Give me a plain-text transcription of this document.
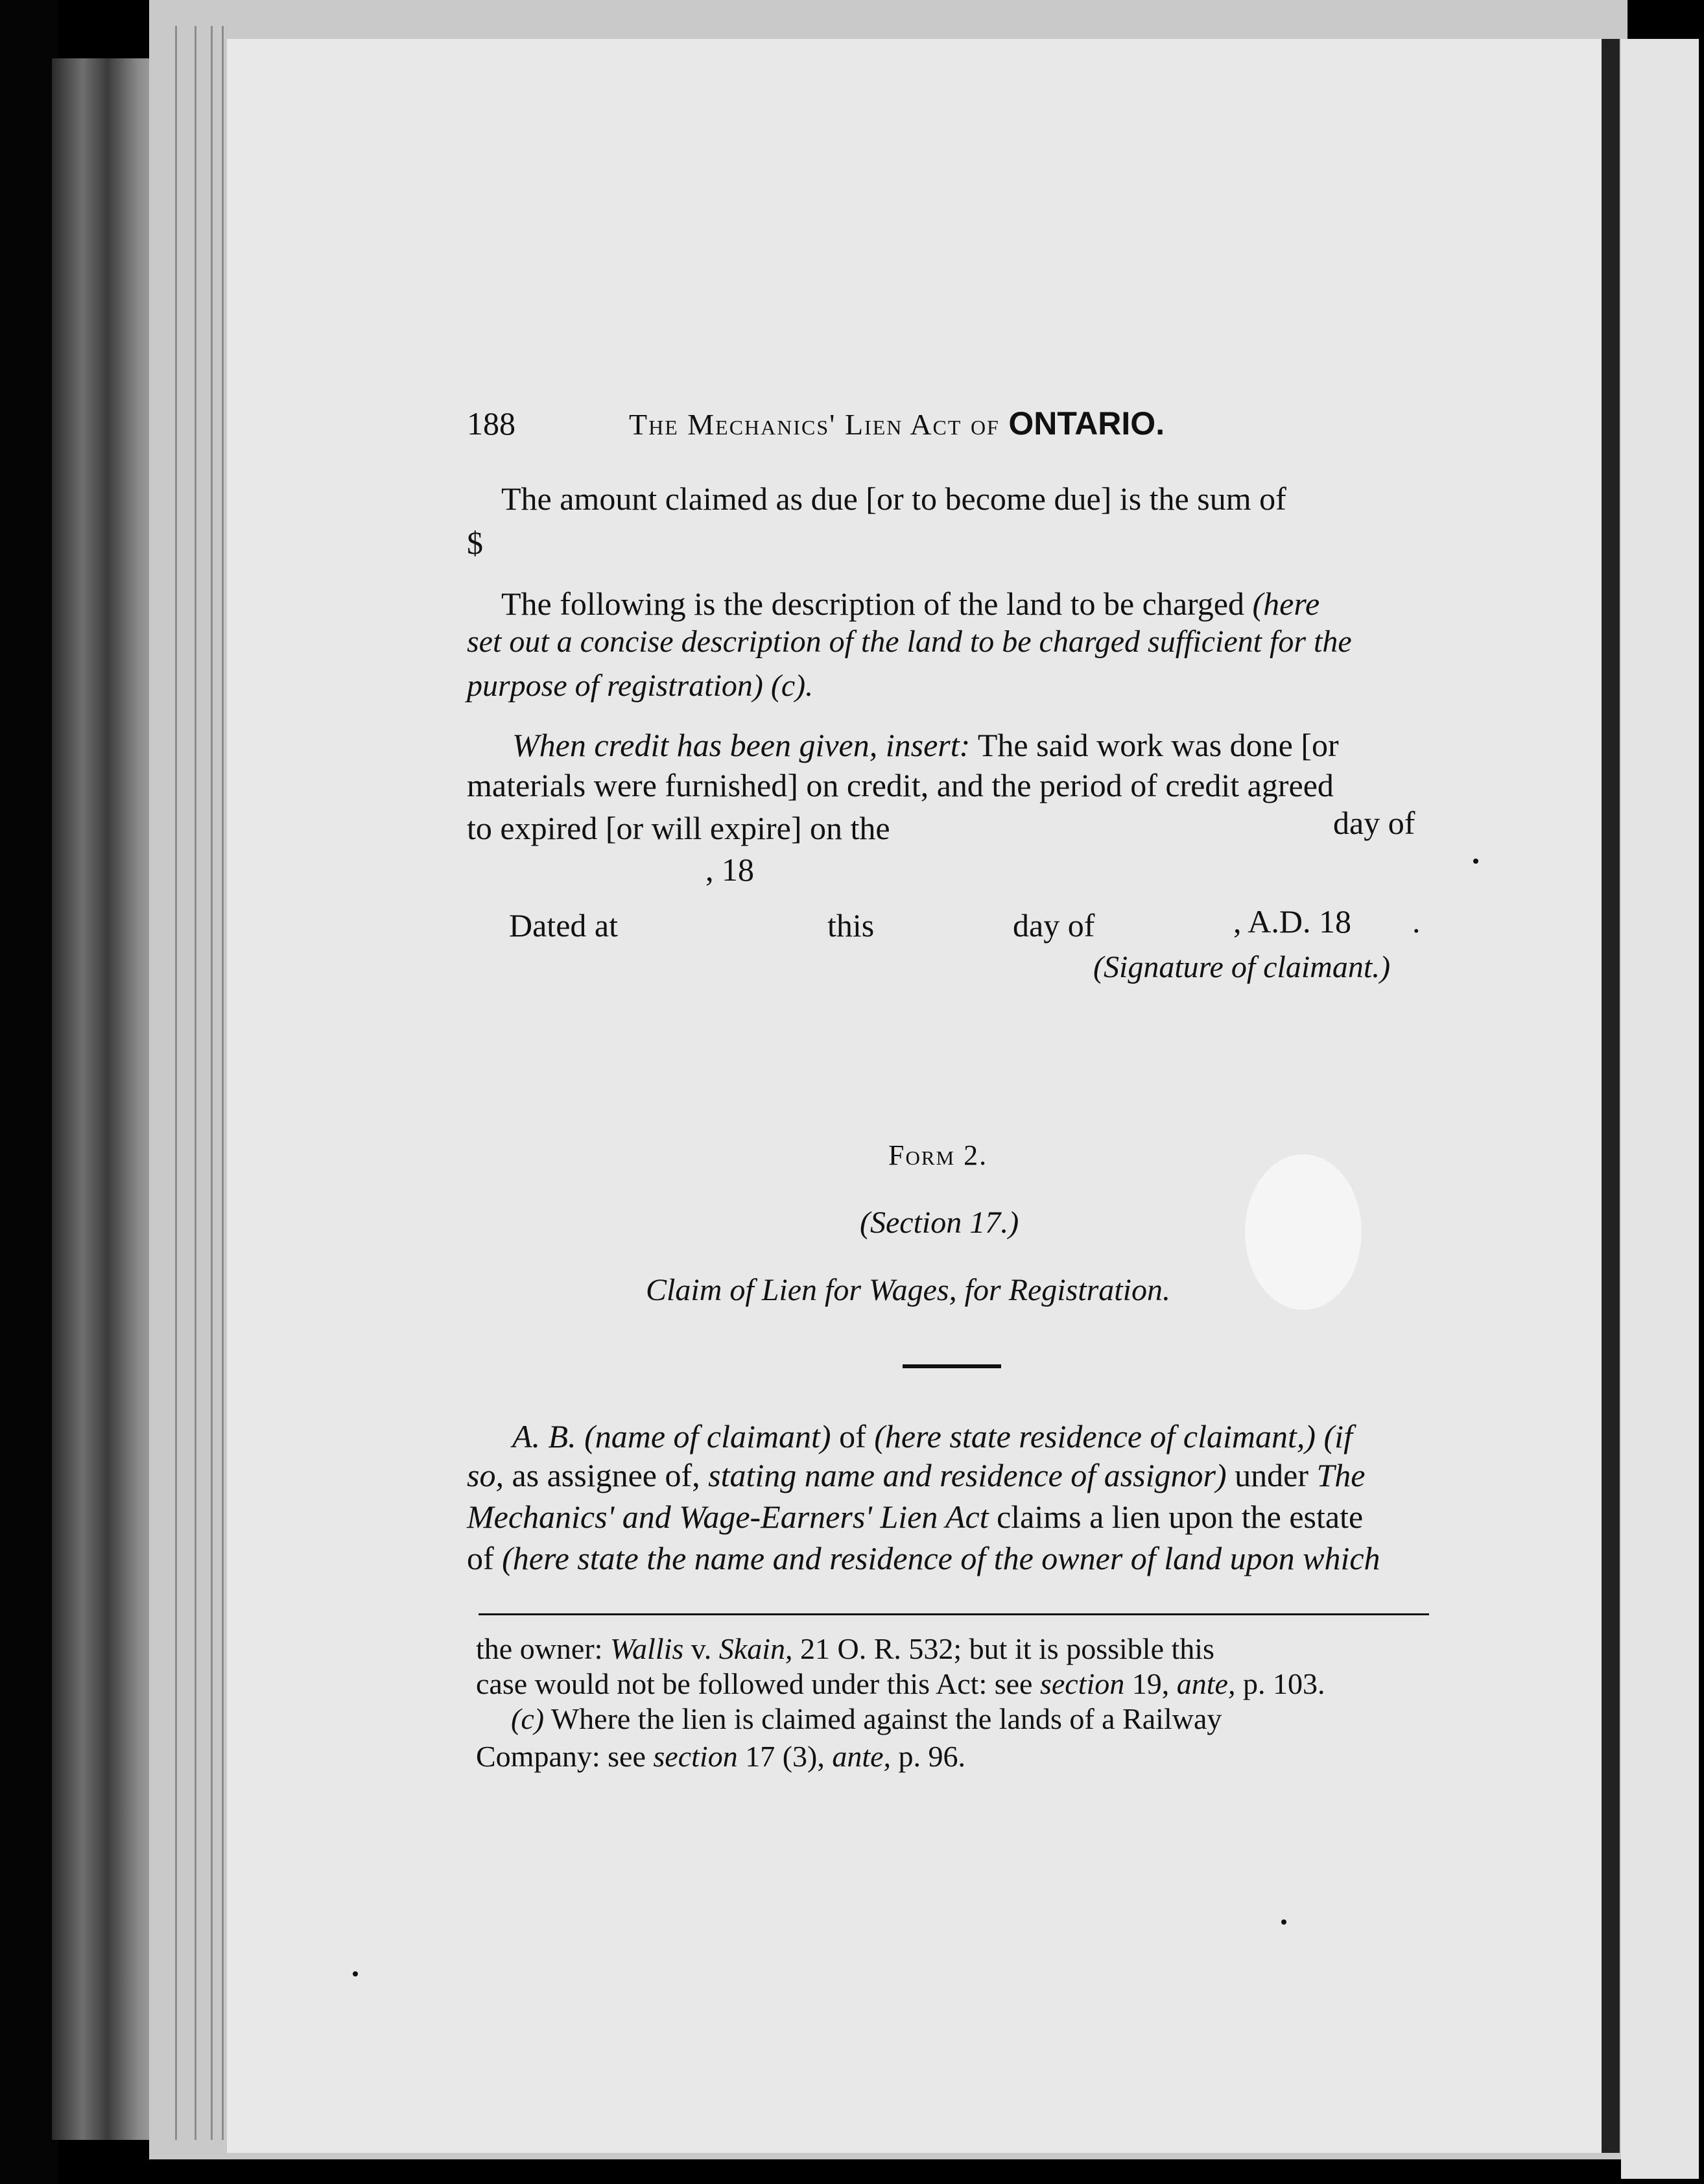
188	The Mechanics' Lien Act of ONTARIO.
The amount claimed as due [or to become due] is the sum of
$
The following is the description of the land to be charged (here
set out a concise description of the land to be charged sufficient for the
purpose of registration) (c).
When credit has been given, insert: The said work was done [or
materials were furnished] on credit, and the period of credit agreed
to expired [or will expire] on the	day of
, 18
Dated at	this	day of	, A.D. 18 .
(Signature of claimant.)
Form 2.
(Section 17.)
Claim of Lien for Wages, for Registration.
A. B. (name of claimant) of (here state residence of claimant,) (if
so, as assignee of, stating name and residence of assignor) under The
Mechanics' and Wage-Earners' Lien Act claims a lien upon the estate
of (here state the name and residence of the owner of land upon which
the owner: Wallis v. Skain, 21 O. R. 532; but it is possible this
case would not be followed under this Act: see section 19, ante, p. 103.
(c) Where the lien is claimed against the lands of a Railway
Company: see section 17 (3), ante, p. 96.
